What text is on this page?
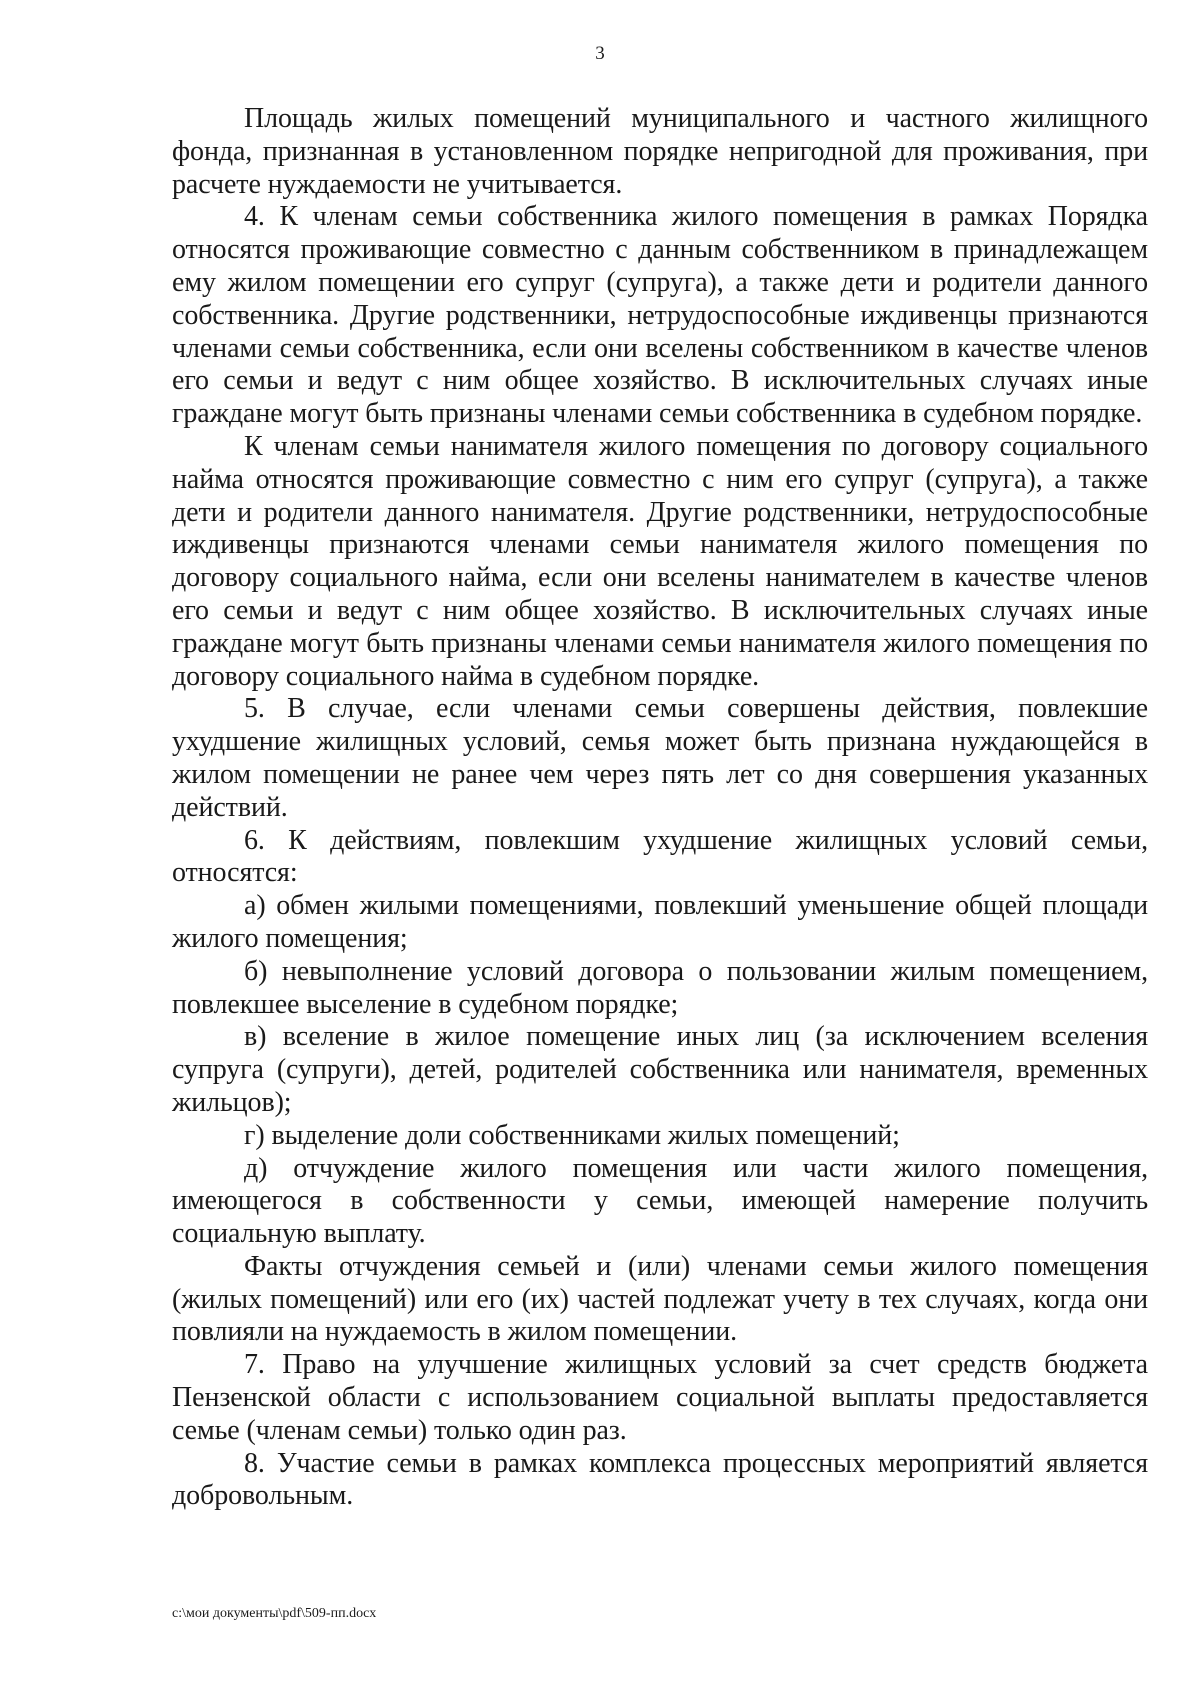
3

Площадь жилых помещений муниципального и частного жилищного фонда, признанная в установленном порядке непригодной для проживания, при расчете нуждаемости не учитывается.

4. К членам семьи собственника жилого помещения в рамках Порядка относятся проживающие совместно с данным собственником в принадлежащем ему жилом помещении его супруг (супруга), а также дети и родители данного собственника. Другие родственники, нетрудоспособные иждивенцы признаются членами семьи собственника, если они вселены собственником в качестве членов его семьи и ведут с ним общее хозяйство. В исключительных случаях иные граждане могут быть признаны членами семьи собственника в судебном порядке.

К членам семьи нанимателя жилого помещения по договору социального найма относятся проживающие совместно с ним его супруг (супруга), а также дети и родители данного нанимателя. Другие родственники, нетрудоспособные иждивенцы признаются членами семьи нанимателя жилого помещения по договору социального найма, если они вселены нанимателем в качестве членов его семьи и ведут с ним общее хозяйство. В исключительных случаях иные граждане могут быть признаны членами семьи нанимателя жилого помещения по договору социального найма в судебном порядке.

5. В случае, если членами семьи совершены действия, повлекшие ухудшение жилищных условий, семья может быть признана нуждающейся в жилом помещении не ранее чем через пять лет со дня совершения указанных действий.

6. К действиям, повлекшим ухудшение жилищных условий семьи, относятся:

а) обмен жилыми помещениями, повлекший уменьшение общей площади жилого помещения;

б) невыполнение условий договора о пользовании жилым помещением, повлекшее выселение в судебном порядке;

в) вселение в жилое помещение иных лиц (за исключением вселения супруга (супруги), детей, родителей собственника или нанимателя, временных жильцов);

г) выделение доли собственниками жилых помещений;

д) отчуждение жилого помещения или части жилого помещения, имеющегося в собственности у семьи, имеющей намерение получить социальную выплату.

Факты отчуждения семьей и (или) членами семьи жилого помещения (жилых помещений) или его (их) частей подлежат учету в тех случаях, когда они повлияли на нуждаемость в жилом помещении.

7. Право на улучшение жилищных условий за счет средств бюджета Пензенской области с использованием социальной выплаты предоставляется семье (членам семьи) только один раз.

8. Участие семьи в рамках комплекса процессных мероприятий является добровольным.

c:\мои документы\pdf\509-пп.docx
